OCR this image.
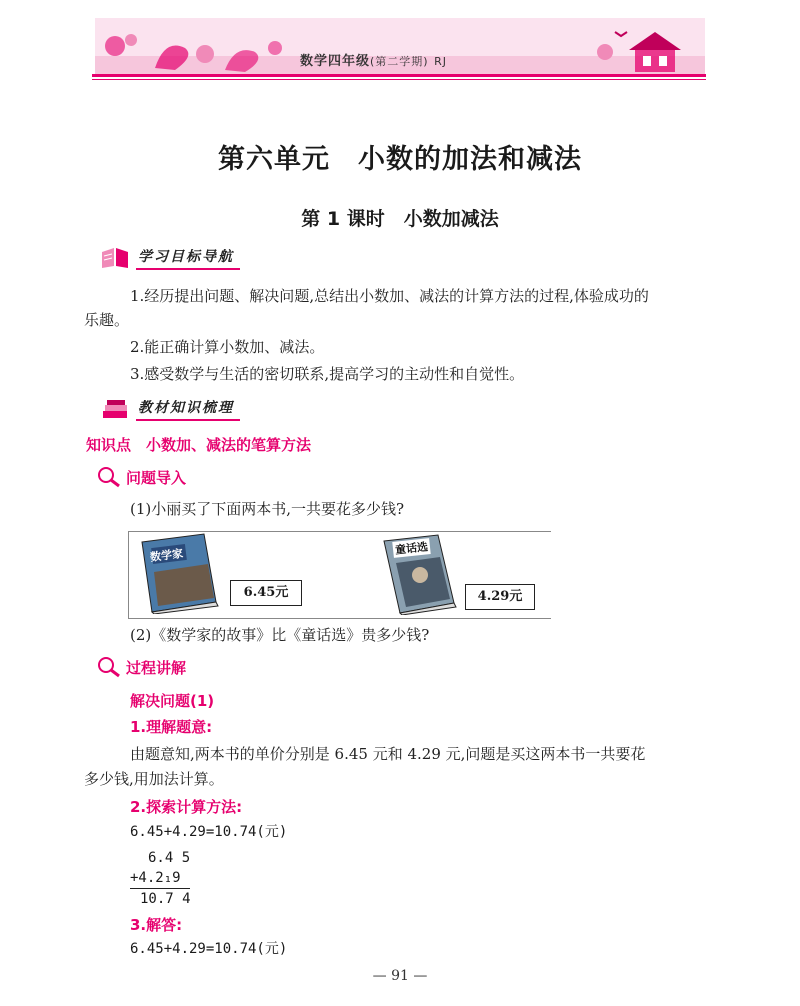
数学四年级(第二学期) RJ
第六单元　小数的加法和减法
第 1 课时　小数加减法
学习目标导航
1.经历提出问题、解决问题,总结出小数加、减法的计算方法的过程,体验成功的
乐趣。
2.能正确计算小数加、减法。
3.感受数学与生活的密切联系,提高学习的主动性和自觉性。
教材知识梳理
知识点　小数加、减法的笔算方法
问题导入
(1)小丽买了下面两本书,一共要花多少钱?
数学家
6.45元
童话选
4.29元
(2)《数学家的故事》比《童话选》贵多少钱?
过程讲解
解决问题(1)
1.理解题意:
由题意知,两本书的单价分别是 6.45 元和 4.29 元,问题是买这两本书一共要花
多少钱,用加法计算。
2.探索计算方法:
6.45+4.29=10.74(元)
6.4 5
+4.2₁9
10.7 4
3.解答:
6.45+4.29=10.74(元)
— 91 —
